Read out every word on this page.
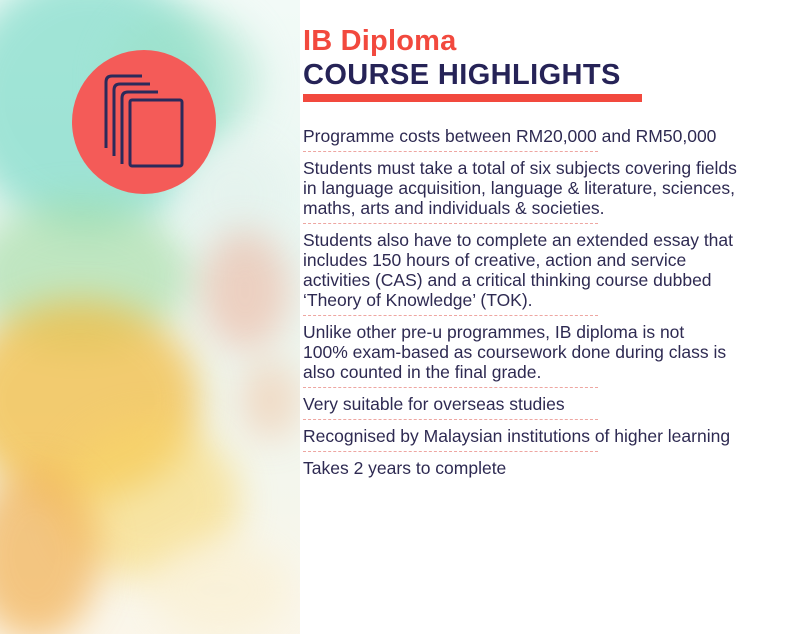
IB Diploma
COURSE HIGHLIGHTS
Programme costs between RM20,000 and RM50,000
Students must take a total of six subjects covering fields in language acquisition, language & literature, sciences, maths, arts and individuals & societies.
Students also have to complete an extended essay that includes 150 hours of creative, action and service activities (CAS) and a critical thinking course dubbed ‘Theory of Knowledge’ (TOK).
Unlike other pre-u programmes, IB diploma is not 100% exam-based as coursework done during class is also counted in the final grade.
Very suitable for overseas studies
Recognised by Malaysian institutions of higher learning
Takes 2 years to complete
